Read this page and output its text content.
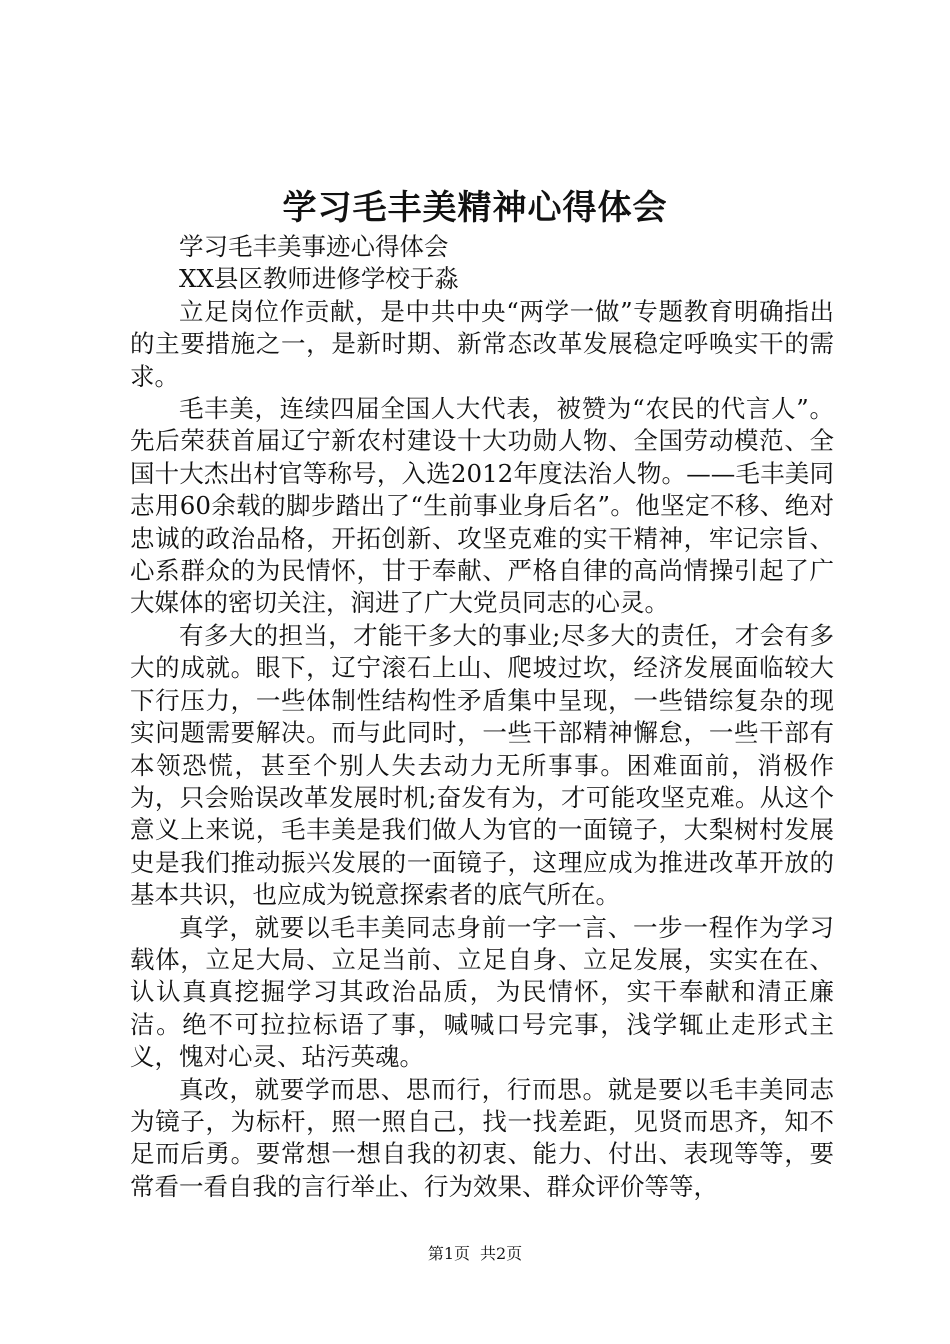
学习毛丰美精神心得体会

学习毛丰美事迹心得体会

XX县区教师进修学校于淼

立足岗位作贡献，是中共中央“两学一做”专题教育明确指出的主要措施之一，是新时期、新常态改革发展稳定呼唤实干的需求。

毛丰美，连续四届全国人大代表，被赞为“农民的代言人”。先后荣获首届辽宁新农村建设十大功勋人物、全国劳动模范、全国十大杰出村官等称号，入选2012年度法治人物。——毛丰美同志用60余载的脚步踏出了“生前事业身后名”。他坚定不移、绝对忠诚的政治品格，开拓创新、攻坚克难的实干精神，牢记宗旨、心系群众的为民情怀，甘于奉献、严格自律的高尚情操引起了广大媒体的密切关注，润进了广大党员同志的心灵。

有多大的担当，才能干多大的事业;尽多大的责任，才会有多大的成就。眼下，辽宁滚石上山、爬坡过坎，经济发展面临较大下行压力，一些体制性结构性矛盾集中呈现，一些错综复杂的现实问题需要解决。而与此同时，一些干部精神懈怠，一些干部有本领恐慌，甚至个别人失去动力无所事事。困难面前，消极作为，只会贻误改革发展时机;奋发有为，才可能攻坚克难。从这个意义上来说，毛丰美是我们做人为官的一面镜子，大梨树村发展史是我们推动振兴发展的一面镜子，这理应成为推进改革开放的基本共识，也应成为锐意探索者的底气所在。

真学，就要以毛丰美同志身前一字一言、一步一程作为学习载体，立足大局、立足当前、立足自身、立足发展，实实在在、认认真真挖掘学习其政治品质，为民情怀，实干奉献和清正廉洁。绝不可拉拉标语了事，喊喊口号完事，浅学辄止走形式主义，愧对心灵、玷污英魂。

真改，就要学而思、思而行，行而思。就是要以毛丰美同志为镜子，为标杆，照一照自己，找一找差距，见贤而思齐，知不足而后勇。要常想一想自我的初衷、能力、付出、表现等等，要常看一看自我的言行举止、行为效果、群众评价等等，

第1页 共2页
